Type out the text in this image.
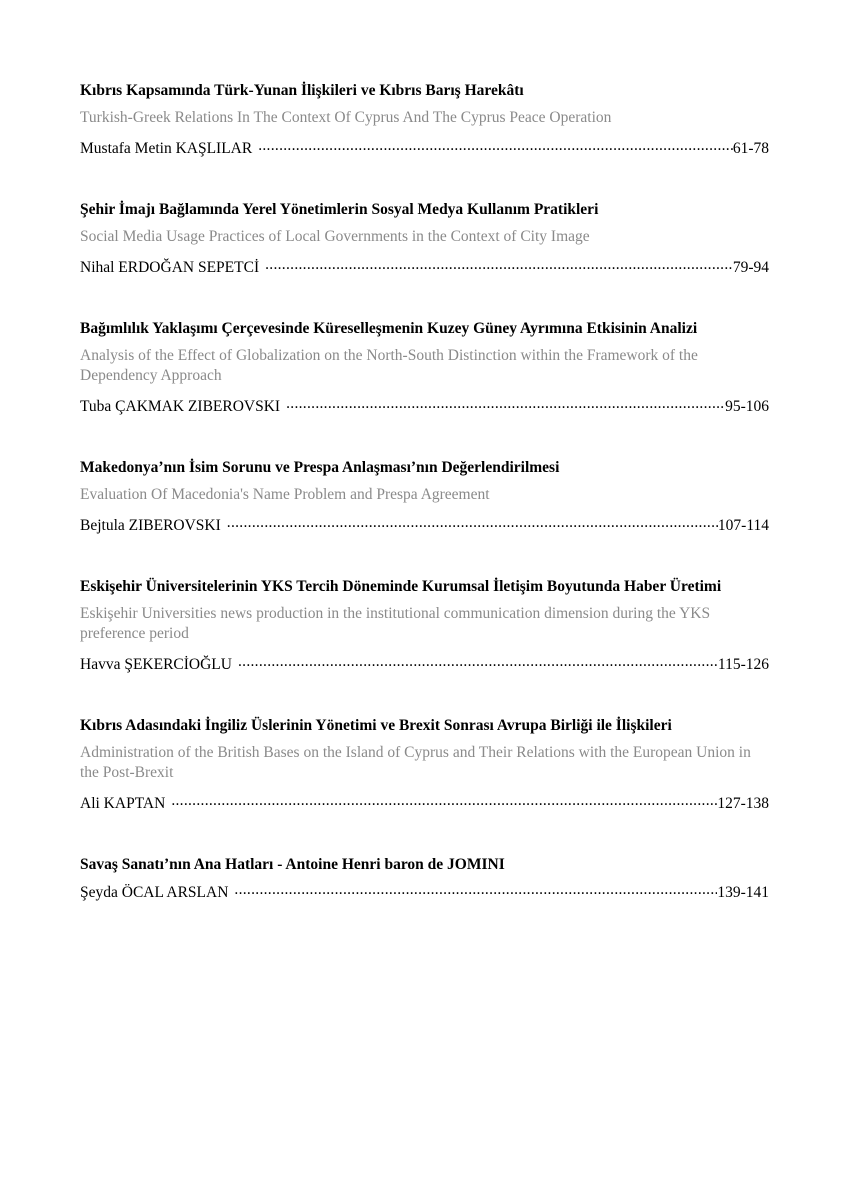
Kıbrıs Kapsamında Türk-Yunan İlişkileri ve Kıbrıs Barış Harekâtı
Turkish-Greek Relations In The Context Of Cyprus And The Cyprus Peace Operation
Mustafa Metin KAŞLILAR .....	61-78
Şehir İmajı Bağlamında Yerel Yönetimlerin Sosyal Medya Kullanım Pratikleri
Social Media Usage Practices of Local Governments in the Context of City Image
Nihal ERDOĞAN SEPETCİ .....	79-94
Bağımlılık Yaklaşımı Çerçevesinde Küreselleşmenin Kuzey Güney Ayrımına Etkisinin Analizi
Analysis of the Effect of Globalization on the North-South Distinction within the Framework of the Dependency Approach
Tuba ÇAKMAK ZIBEROVSKI .....	95-106
Makedonya’nın İsim Sorunu ve Prespa Anlaşması’nın Değerlendirilmesi
Evaluation Of Macedonia's Name Problem and Prespa Agreement
Bejtula ZIBEROVSKI .....	107-114
Eskişehir Üniversitelerinin YKS Tercih Döneminde Kurumsal İletişim Boyutunda Haber Üretimi
Eskişehir Universities news production in the institutional communication dimension during the YKS preference period
Havva ŞEKERCİOĞLU .....	115-126
Kıbrıs Adasındaki İngiliz Üslerinin Yönetimi ve Brexit Sonrası Avrupa Birliği ile İlişkileri
Administration of the British Bases on the Island of Cyprus and Their Relations with the European Union in the Post-Brexit
Ali KAPTAN .....	127-138
Savaş Sanatı’nın Ana Hatları - Antoine Henri baron de JOMINI
Şeyda ÖCAL ARSLAN .....	139-141
